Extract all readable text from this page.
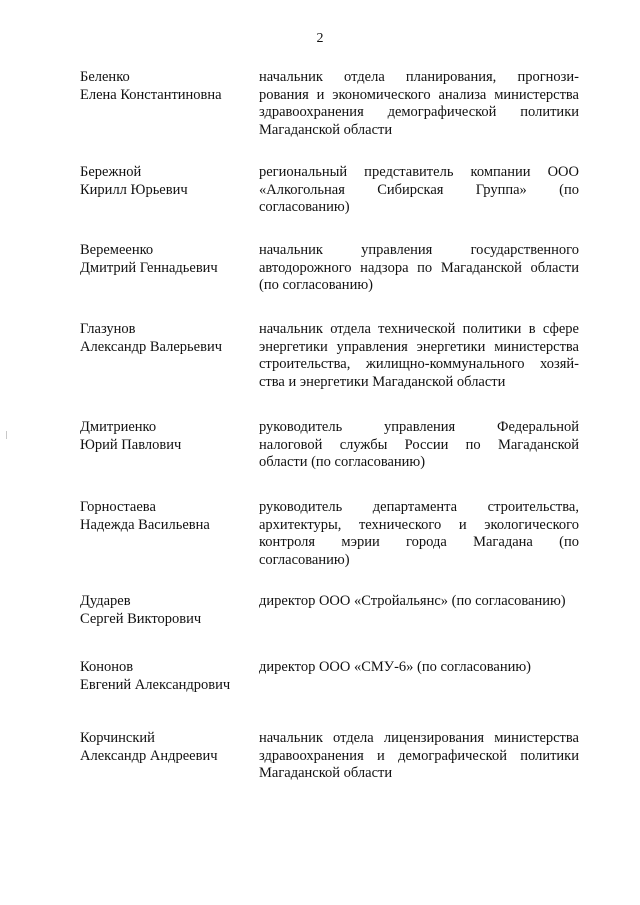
2
Беленко
Елена Константиновна
начальник отдела планирования, прогнози-
рования и экономического анализа министерства
здравоохранения демографической политики
Магаданской области
Бережной
Кирилл Юрьевич
региональный представитель компании ООО
«Алкогольная Сибирская Группа» (по
согласованию)
Веремеенко
Дмитрий Геннадьевич
начальник управления государственного
автодорожного надзора по Магаданской области
(по согласованию)
Глазунов
Александр Валерьевич
начальник отдела технической политики в сфере
энергетики управления энергетики министерства
строительства, жилищно-коммунального хозяй-
ства и энергетики Магаданской области
Дмитриенко
Юрий Павлович
руководитель управления Федеральной
налоговой службы России по Магаданской
области (по согласованию)
Горностаева
Надежда Васильевна
руководитель департамента строительства,
архитектуры, технического и экологического
контроля мэрии города Магадана (по
согласованию)
Дударев
Сергей Викторович
директор ООО «Стройальянс» (по согласованию)
Кононов
Евгений Александрович
директор ООО «СМУ-6» (по согласованию)
Корчинский
Александр Андреевич
начальник отдела лицензирования министерства
здравоохранения и демографической политики
Магаданской области
